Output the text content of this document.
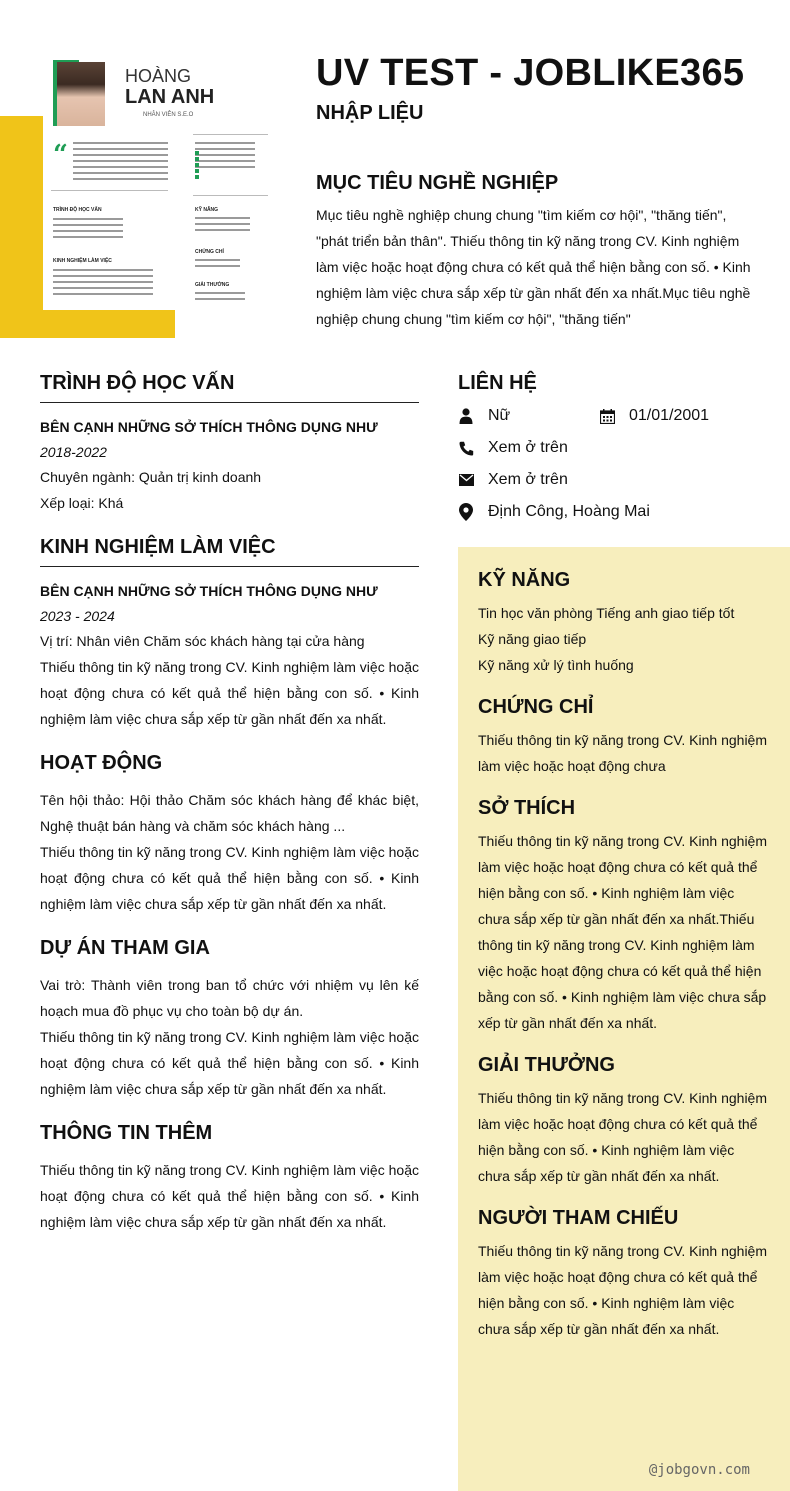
HOÀNG
LAN ANH
NHÂN VIÊN S.E.O
“
TRÌNH ĐỘ HỌC VẤN
KINH NGHIỆM LÀM VIỆC
KỸ NĂNG
CHỨNG CHỈ
GIẢI THƯỞNG
UV TEST - JOBLIKE365
NHẬP LIỆU
MỤC TIÊU NGHỀ NGHIỆP
Mục tiêu nghề nghiệp chung chung "tìm kiếm cơ hội", "thăng tiến", "phát triển bản thân". Thiếu thông tin kỹ năng trong CV. Kinh nghiệm làm việc hoặc hoạt động chưa có kết quả thể hiện bằng con số. • Kinh nghiệm làm việc chưa sắp xếp từ gần nhất đến xa nhất.Mục tiêu nghề nghiệp chung chung "tìm kiếm cơ hội", "thăng tiến"
TRÌNH ĐỘ HỌC VẤN
BÊN CẠNH NHỮNG SỞ THÍCH THÔNG DỤNG NHƯ
2018-2022
Chuyên ngành: Quản trị kinh doanh
Xếp loại: Khá
KINH NGHIỆM LÀM VIỆC
BÊN CẠNH NHỮNG SỞ THÍCH THÔNG DỤNG NHƯ
2023 - 2024
Vị trí: Nhân viên Chăm sóc khách hàng tại cửa hàng
Thiếu thông tin kỹ năng trong CV. Kinh nghiệm làm việc hoặc hoạt động chưa có kết quả thể hiện bằng con số. • Kinh nghiệm làm việc chưa sắp xếp từ gần nhất đến xa nhất.
HOẠT ĐỘNG
Tên hội thảo: Hội thảo Chăm sóc khách hàng để khác biệt, Nghệ thuật bán hàng và chăm sóc khách hàng ...
Thiếu thông tin kỹ năng trong CV. Kinh nghiệm làm việc hoặc hoạt động chưa có kết quả thể hiện bằng con số. • Kinh nghiệm làm việc chưa sắp xếp từ gần nhất đến xa nhất.
DỰ ÁN THAM GIA
Vai trò: Thành viên trong ban tổ chức với nhiệm vụ lên kế hoạch mua đồ phục vụ cho toàn bộ dự án.
Thiếu thông tin kỹ năng trong CV. Kinh nghiệm làm việc hoặc hoạt động chưa có kết quả thể hiện bằng con số. • Kinh nghiệm làm việc chưa sắp xếp từ gần nhất đến xa nhất.
THÔNG TIN THÊM
Thiếu thông tin kỹ năng trong CV. Kinh nghiệm làm việc hoặc hoạt động chưa có kết quả thể hiện bằng con số. • Kinh nghiệm làm việc chưa sắp xếp từ gần nhất đến xa nhất.
LIÊN HỆ
Nữ	01/01/2001
Xem ở trên
Xem ở trên
Định Công, Hoàng Mai
KỸ NĂNG
Tin học văn phòng Tiếng anh giao tiếp tốt
Kỹ năng giao tiếp
Kỹ năng xử lý tình huống
CHỨNG CHỈ
Thiếu thông tin kỹ năng trong CV. Kinh nghiệm làm việc hoặc hoạt động chưa
SỞ THÍCH
Thiếu thông tin kỹ năng trong CV. Kinh nghiệm làm việc hoặc hoạt động chưa có kết quả thể hiện bằng con số. • Kinh nghiệm làm việc chưa sắp xếp từ gần nhất đến xa nhất.Thiếu thông tin kỹ năng trong CV. Kinh nghiệm làm việc hoặc hoạt động chưa có kết quả thể hiện bằng con số. • Kinh nghiệm làm việc chưa sắp xếp từ gần nhất đến xa nhất.
GIẢI THƯỞNG
Thiếu thông tin kỹ năng trong CV. Kinh nghiệm làm việc hoặc hoạt động chưa có kết quả thể hiện bằng con số. • Kinh nghiệm làm việc chưa sắp xếp từ gần nhất đến xa nhất.
NGƯỜI THAM CHIẾU
Thiếu thông tin kỹ năng trong CV. Kinh nghiệm làm việc hoặc hoạt động chưa có kết quả thể hiện bằng con số. • Kinh nghiệm làm việc chưa sắp xếp từ gần nhất đến xa nhất.
@jobgovn.com
